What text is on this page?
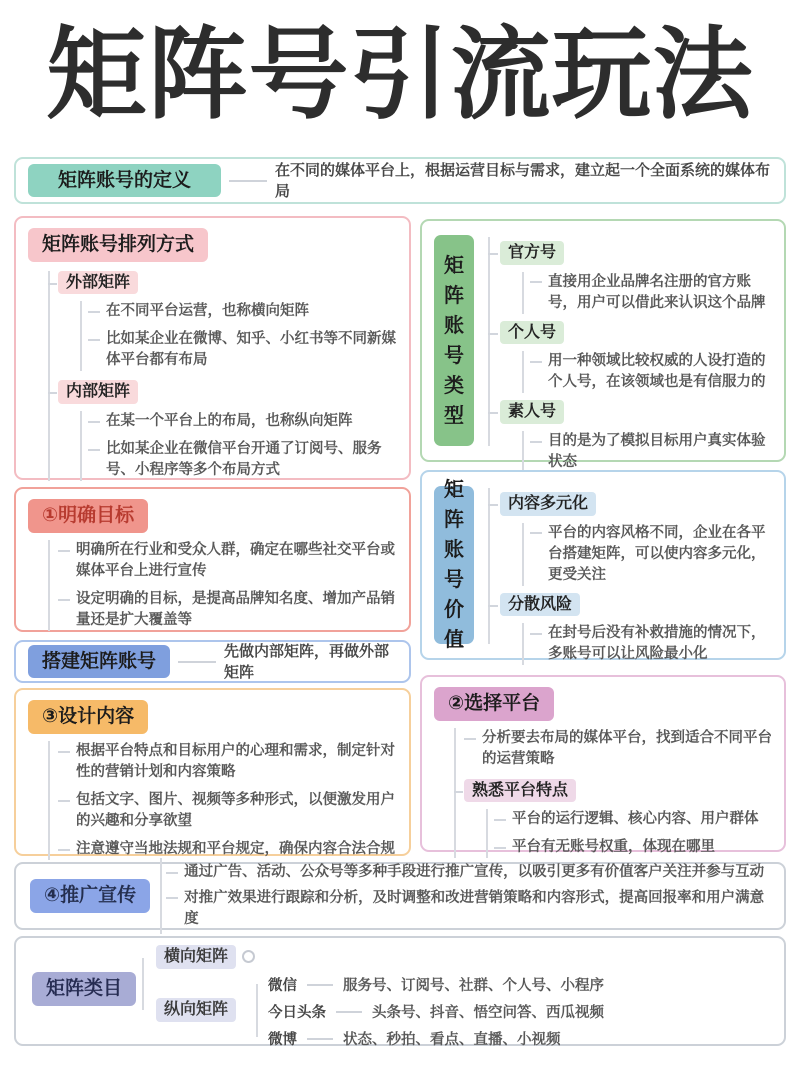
矩阵号引流玩法
矩阵账号的定义	在不同的媒体平台上，根据运营目标与需求，建立起一个全面系统的媒体布局
矩阵账号排列方式
外部矩阵
在不同平台运营，也称横向矩阵
比如某企业在微博、知乎、小红书等不同新媒体平台都有布局
内部矩阵
在某一个平台上的布局，也称纵向矩阵
比如某企业在微信平台开通了订阅号、服务号、小程序等多个布局方式
矩阵账号类型
官方号
直接用企业品牌名注册的官方账号，用户可以借此来认识这个品牌
个人号
用一种领域比较权威的人设打造的个人号，在该领域也是有信服力的
素人号
目的是为了模拟目标用户真实体验状态
①明确目标
明确所在行业和受众人群，确定在哪些社交平台或媒体平台上进行宣传
设定明确的目标，是提高品牌知名度、增加产品销量还是扩大覆盖等
矩阵账号价值
内容多元化
平台的内容风格不同，企业在各平台搭建矩阵，可以使内容多元化，更受关注
分散风险
在封号后没有补救措施的情况下，多账号可以让风险最小化
搭建矩阵账号	先做内部矩阵，再做外部矩阵
③设计内容
根据平台特点和目标用户的心理和需求，制定针对性的营销计划和内容策略
包括文字、图片、视频等多种形式，以便激发用户的兴趣和分享欲望
注意遵守当地法规和平台规定，确保内容合法合规
②选择平台
分析要去布局的媒体平台，找到适合不同平台的运营策略
熟悉平台特点
平台的运行逻辑、核心内容、用户群体
平台有无账号权重，体现在哪里
④推广宣传
通过广告、活动、公众号等多种手段进行推广宣传，以吸引更多有价值客户关注并参与互动
对推广效果进行跟踪和分析，及时调整和改进营销策略和内容形式，提高回报率和用户满意度
矩阵类目
横向矩阵
纵向矩阵
微信	服务号、订阅号、社群、个人号、小程序
今日头条	头条号、抖音、悟空问答、西瓜视频
微博	状态、秒拍、看点、直播、小视频
